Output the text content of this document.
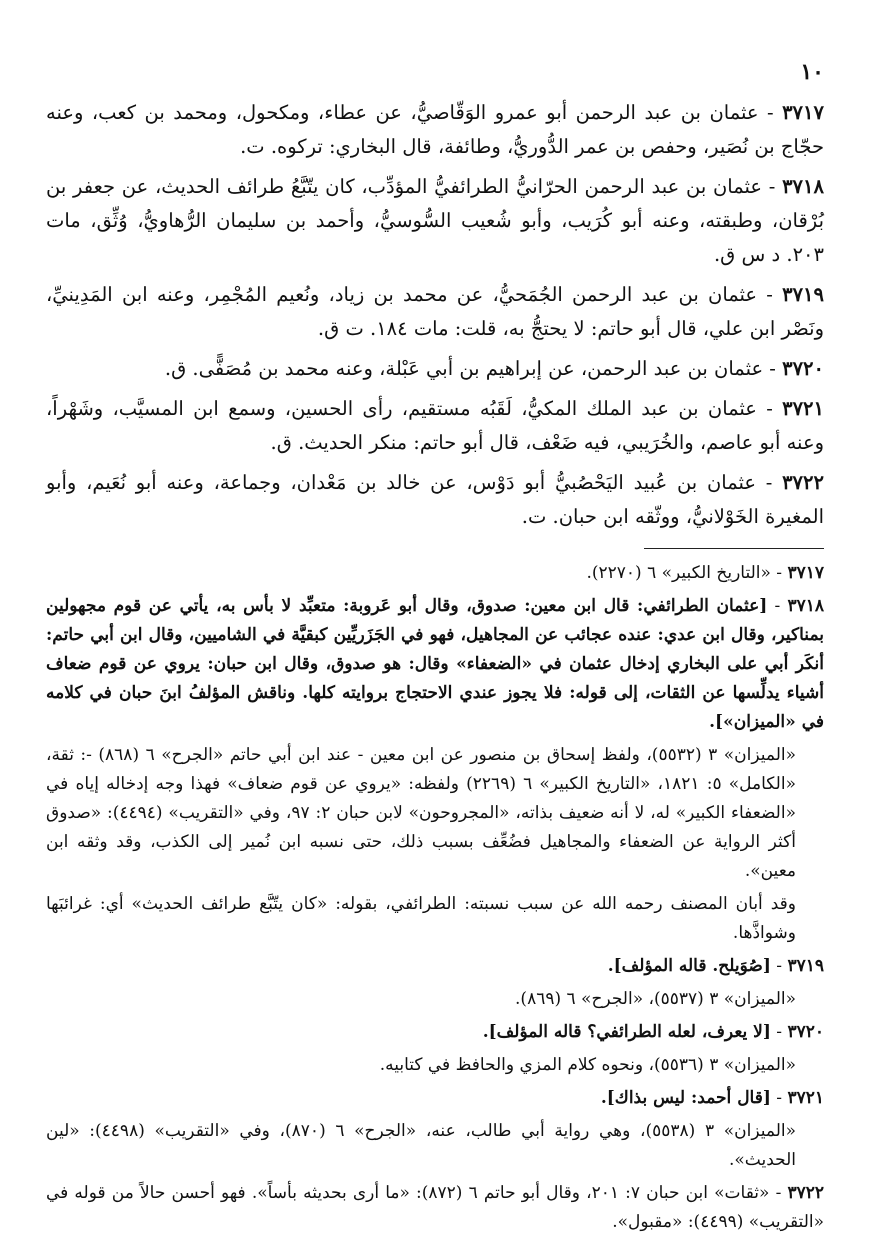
١٠
٣٧١٧ - عثمان بن عبد الرحمن أبو عمرو الوَقّاصيُّ، عن عطاء، ومكحول، ومحمد بن كعب، وعنه حجّاج بن نُصَير، وحفص بن عمر الدُّوريُّ، وطائفة، قال البخاري: تركوه. ت.
٣٧١٨ - عثمان بن عبد الرحمن الحرّانيُّ الطرائفيُّ المؤدِّب، كان يتّبَّعُ طرائف الحديث، عن جعفر بن بُرْقان، وطبقته، وعنه أبو كُرَيب، وأبو شُعيب السُّوسيُّ، وأحمد بن سليمان الرُّهاويُّ، وُثِّق، مات ٢٠٣. د س ق.
٣٧١٩ - عثمان بن عبد الرحمن الجُمَحيُّ، عن محمد بن زياد، ونُعيم المُجْمِر، وعنه ابن المَدِينيِّ، ونَصْر ابن علي، قال أبو حاتم: لا يحتجُّ به، قلت: مات ١٨٤. ت ق.
٣٧٢٠ - عثمان بن عبد الرحمن، عن إبراهيم بن أبي عَبْلة، وعنه محمد بن مُصَفًّى. ق.
٣٧٢١ - عثمان بن عبد الملك المكيُّ، لَقَبُه مستقيم، رأى الحسين، وسمع ابن المسيَّب، وشَهْراً، وعنه أبو عاصم، والخُرَيبي، فيه ضَعْف، قال أبو حاتم: منكر الحديث. ق.
٣٧٢٢ - عثمان بن عُبيد اليَحْصُبيُّ أبو دَوْس، عن خالد بن مَعْدان، وجماعة، وعنه أبو نُعَيم، وأبو المغيرة الخَوْلانيُّ، ووثّقه ابن حبان. ت.
٣٧١٧ - «التاريخ الكبير» ٦ (٢٢٧٠).
٣٧١٨ - [عثمان الطرائفي: قال ابن معين: صدوق، وقال أبو عَروبة: متعبِّد لا بأس به، يأتي عن قوم مجهولين بمناكير، وقال ابن عدي: عنده عجائب عن المجاهيل، فهو في الجَزَريِّين كبقيَّة في الشاميين، وقال ابن أبي حاتم: أنكَر أبي على البخاري إدخال عثمان في «الضعفاء» وقال: هو صدوق، وقال ابن حبان: يروي عن قوم ضعاف أشياء يدلِّسها عن الثقات، إلى قوله: فلا يجوز عندي الاحتجاج بروايته كلها. وناقش المؤلفُ ابنَ حبان في كلامه في «الميزان»].
«الميزان» ٣ (٥٥٣٢)، ولفظ إسحاق بن منصور عن ابن معين - عند ابن أبي حاتم «الجرح» ٦ (٨٦٨) -: ثقة، «الكامل» ٥: ١٨٢١، «التاريخ الكبير» ٦ (٢٢٦٩) ولفظه: «يروي عن قوم ضعاف» فهذا وجه إدخاله إياه في «الضعفاء الكبير» له، لا أنه ضعيف بذاته، «المجروحون» لابن حبان ٢: ٩٧، وفي «التقريب» (٤٤٩٤): «صدوق أكثر الرواية عن الضعفاء والمجاهيل فضُعِّف بسبب ذلك، حتى نسبه ابن نُمير إلى الكذب، وقد وثقه ابن معين».
وقد أبان المصنف رحمه الله عن سبب نسبته: الطرائفي، بقوله: «كان يتّبَّع طرائف الحديث» أي: غرائبَها وشواذَّها.
٣٧١٩ - [صُوَيلح. قاله المؤلف].
«الميزان» ٣ (٥٥٣٧)، «الجرح» ٦ (٨٦٩).
٣٧٢٠ - [لا يعرف، لعله الطرائفي؟ قاله المؤلف].
«الميزان» ٣ (٥٥٣٦)، ونحوه كلام المزي والحافظ في كتابيه.
٣٧٢١ - [قال أحمد: ليس بذاك].
«الميزان» ٣ (٥٥٣٨)، وهي رواية أبي طالب، عنه، «الجرح» ٦ (٨٧٠)، وفي «التقريب» (٤٤٩٨): «لين الحديث».
٣٧٢٢ - «ثقات» ابن حبان ٧: ٢٠١، وقال أبو حاتم ٦ (٨٧٢): «ما أرى بحديثه بأساً». فهو أحسن حالاً من قوله في «التقريب» (٤٤٩٩): «مقبول».
